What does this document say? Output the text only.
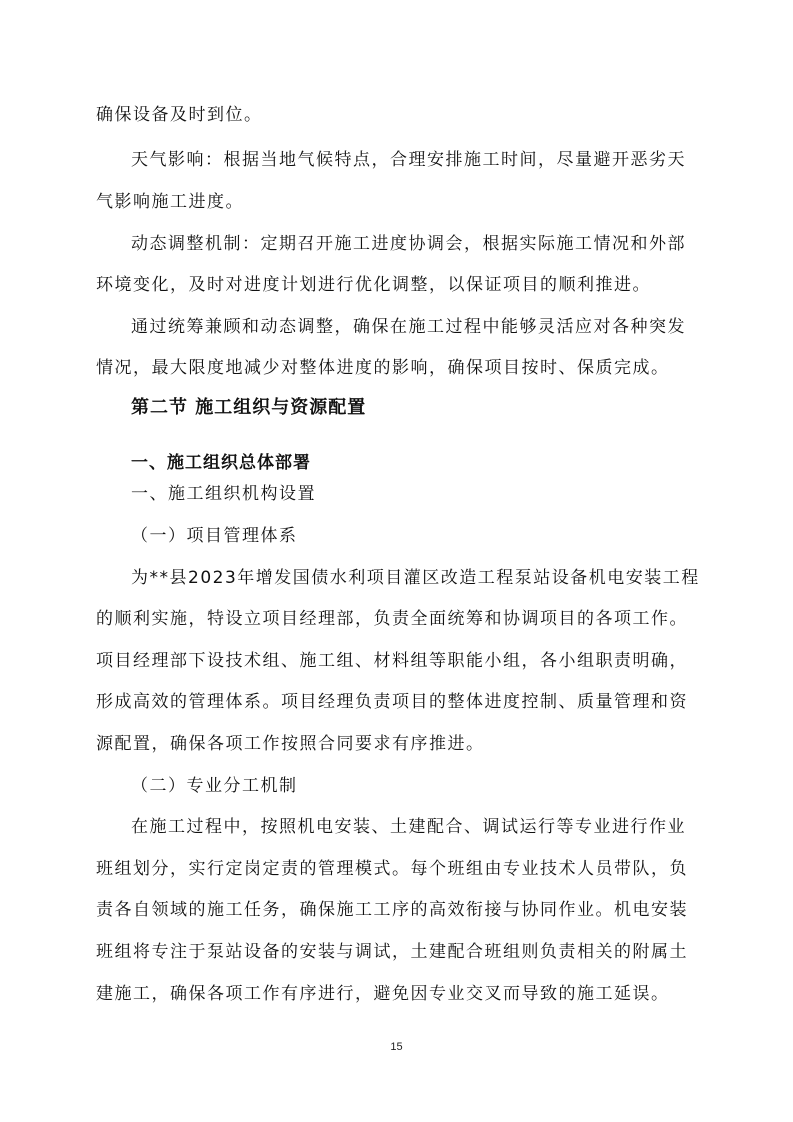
确保设备及时到位。
天气影响：根据当地气候特点，合理安排施工时间，尽量避开恶劣天
气影响施工进度。
动态调整机制：定期召开施工进度协调会，根据实际施工情况和外部
环境变化，及时对进度计划进行优化调整，以保证项目的顺利推进。
通过统筹兼顾和动态调整，确保在施工过程中能够灵活应对各种突发
情况，最大限度地减少对整体进度的影响，确保项目按时、保质完成。
第二节 施工组织与资源配置
一、施工组织总体部署
一、施工组织机构设置
（一）项目管理体系
为**县2023年增发国债水利项目灌区改造工程泵站设备机电安装工程
的顺利实施，特设立项目经理部，负责全面统筹和协调项目的各项工作。
项目经理部下设技术组、施工组、材料组等职能小组，各小组职责明确，
形成高效的管理体系。项目经理负责项目的整体进度控制、质量管理和资
源配置，确保各项工作按照合同要求有序推进。
（二）专业分工机制
在施工过程中，按照机电安装、土建配合、调试运行等专业进行作业
班组划分，实行定岗定责的管理模式。每个班组由专业技术人员带队，负
责各自领域的施工任务，确保施工工序的高效衔接与协同作业。机电安装
班组将专注于泵站设备的安装与调试，土建配合班组则负责相关的附属土
建施工，确保各项工作有序进行，避免因专业交叉而导致的施工延误。
15
